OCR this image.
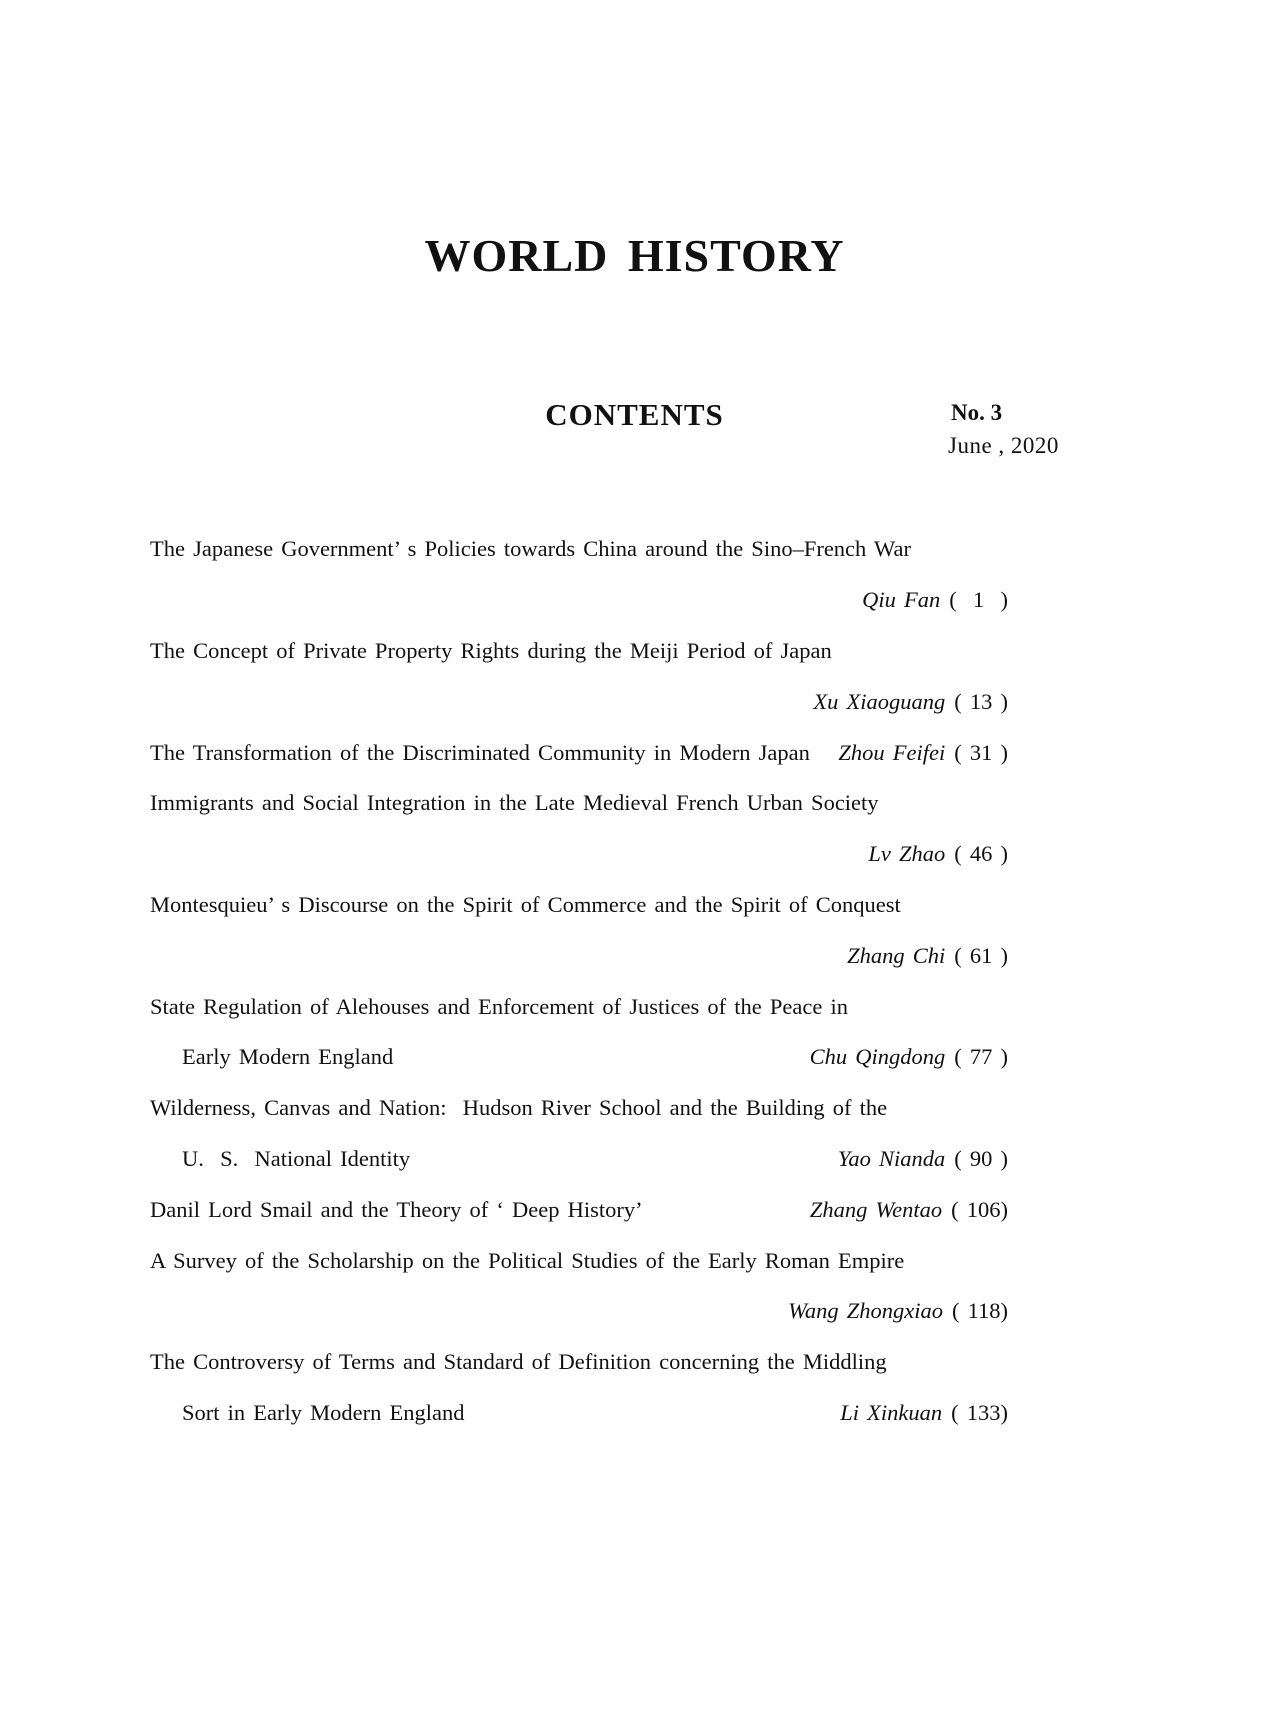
WORLD HISTORY
CONTENTS	No. 3
June , 2020
The Japanese Government’ s Policies towards China around the Sino–French War
Qiu Fan (  1  )
The Concept of Private Property Rights during the Meiji Period of Japan
Xu Xiaoguang ( 13 )
The Transformation of the Discriminated Community in Modern Japan Zhou Feifei ( 31 )
Immigrants and Social Integration in the Late Medieval French Urban Society
Lv Zhao ( 46 )
Montesquieu’ s Discourse on the Spirit of Commerce and the Spirit of Conquest
Zhang Chi ( 61 )
State Regulation of Alehouses and Enforcement of Justices of the Peace in
Early Modern England	Chu Qingdong ( 77 )
Wilderness, Canvas and Nation:  Hudson River School and the Building of the
U.  S.  National Identity	Yao Nianda ( 90 )
Danil Lord Smail and the Theory of ‘ Deep History’	Zhang Wentao ( 106)
A Survey of the Scholarship on the Political Studies of the Early Roman Empire
Wang Zhongxiao ( 118)
The Controversy of Terms and Standard of Definition concerning the Middling
Sort in Early Modern England	Li Xinkuan ( 133)
